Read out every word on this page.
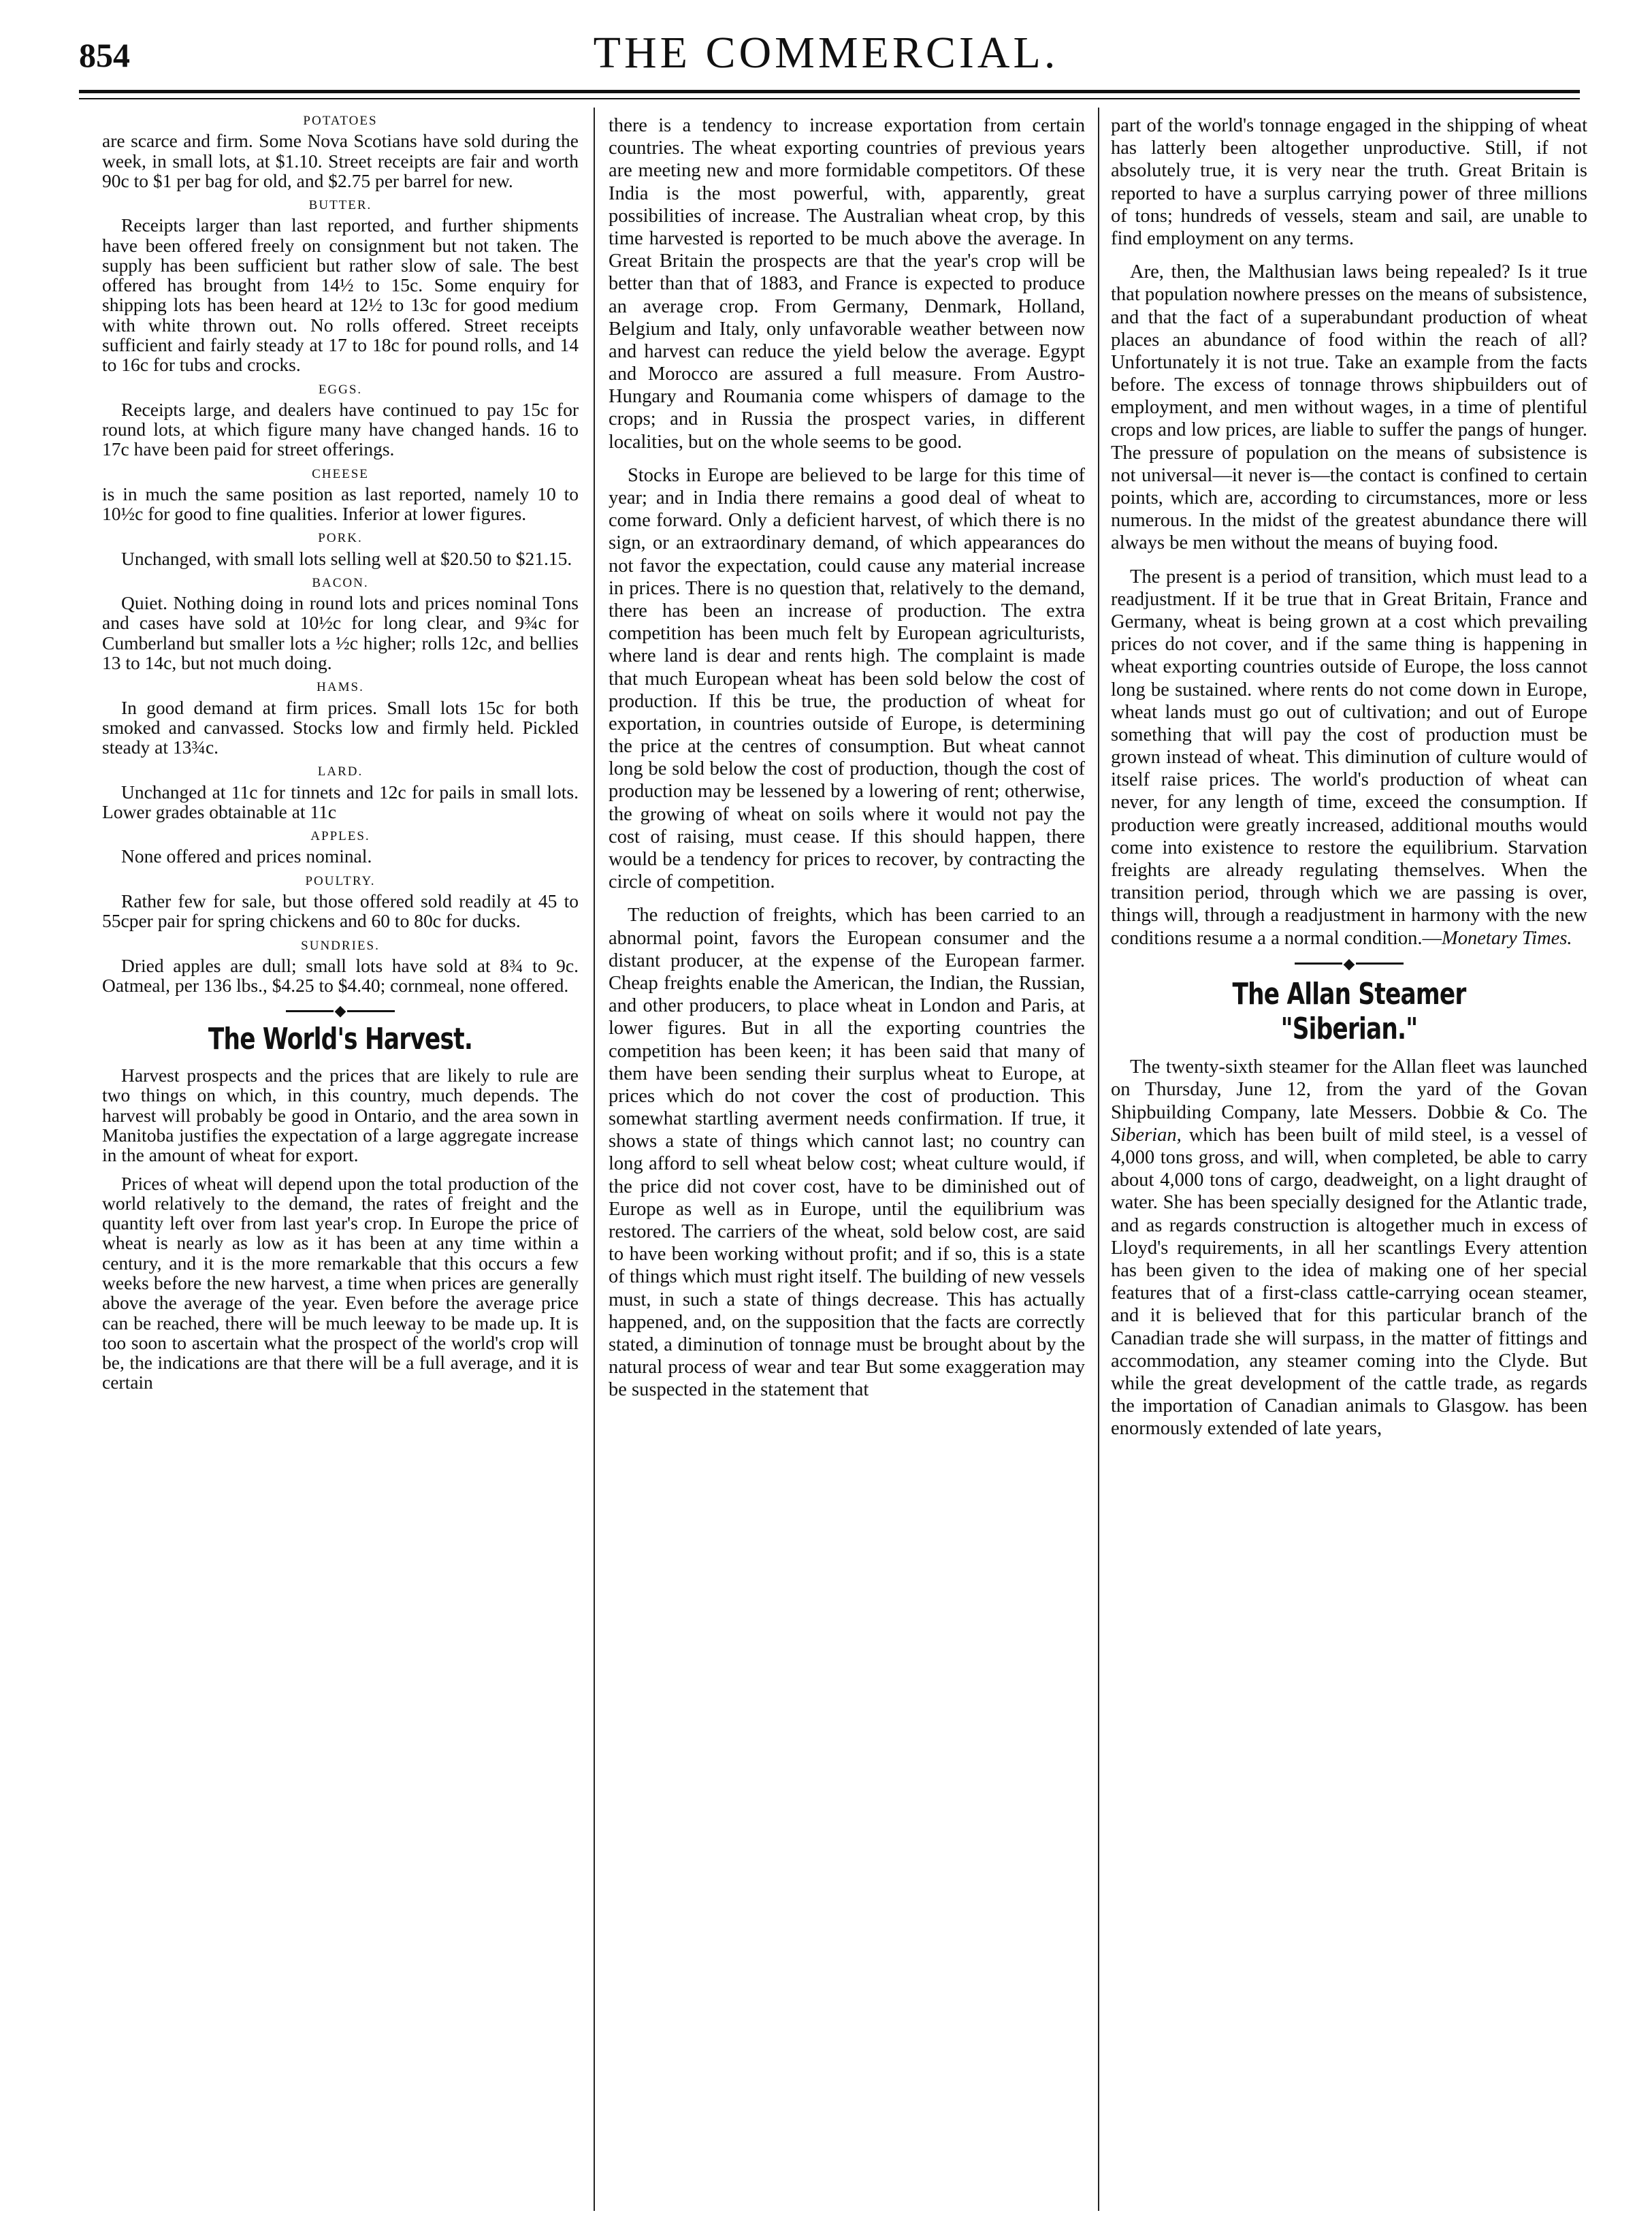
854	THE COMMERCIAL.
POTATOES

are scarce and firm. Some Nova Scotians have sold during the week, in small lots, at $1.10. Street receipts are fair and worth 90c to $1 per bag for old, and $2.75 per barrel for new.

BUTTER.

Receipts larger than last reported, and further shipments have been offered freely on consignment but not taken. The supply has been sufficient but rather slow of sale. The best offered has brought from 14½ to 15c. Some enquiry for shipping lots has been heard at 12½ to 13c for good medium with white thrown out. No rolls offered. Street receipts sufficient and fairly steady at 17 to 18c for pound rolls, and 14 to 16c for tubs and crocks.

EGGS.

Receipts large, and dealers have continued to pay 15c for round lots, at which figure many have changed hands. 16 to 17c have been paid for street offerings.

CHEESE

is in much the same position as last reported, namely 10 to 10½c for good to fine qualities. Inferior at lower figures.

PORK.

Unchanged, with small lots selling well at $20.50 to $21.15.

BACON.

Quiet. Nothing doing in round lots and prices nominal Tons and cases have sold at 10½c for long clear, and 9¾c for Cumberland but smaller lots a ½c higher; rolls 12c, and bellies 13 to 14c, but not much doing.

HAMS.

In good demand at firm prices. Small lots 15c for both smoked and canvassed. Stocks low and firmly held. Pickled steady at 13¾c.

LARD.

Unchanged at 11c for tinnets and 12c for pails in small lots. Lower grades obtainable at 11c

APPLES.

None offered and prices nominal.

POULTRY.

Rather few for sale, but those offered sold readily at 45 to 55cper pair for spring chickens and 60 to 80c for ducks.

SUNDRIES.

Dried apples are dull; small lots have sold at 8¾ to 9c. Oatmeal, per 136 lbs., $4.25 to $4.40; cornmeal, none offered.

◆
The World's Harvest.

Harvest prospects and the prices that are likely to rule are two things on which, in this country, much depends. The harvest will probably be good in Ontario, and the area sown in Manitoba justifies the expectation of a large aggregate increase in the amount of wheat for export.

Prices of wheat will depend upon the total production of the world relatively to the demand, the rates of freight and the quantity left over from last year's crop. In Europe the price of wheat is nearly as low as it has been at any time within a century, and it is the more remarkable that this occurs a few weeks before the new harvest, a time when prices are generally above the average of the year. Even before the average price can be reached, there will be much leeway to be made up. It is too soon to ascertain what the prospect of the world's crop will be, the indications are that there will be a full average, and it is certain

there is a tendency to increase exportation from certain countries. The wheat exporting countries of previous years are meeting new and more formidable competitors. Of these India is the most powerful, with, apparently, great possibilities of increase. The Australian wheat crop, by this time harvested is reported to be much above the average. In Great Britain the prospects are that the year's crop will be better than that of 1883, and France is expected to produce an average crop. From Germany, Denmark, Holland, Belgium and Italy, only unfavorable weather between now and harvest can reduce the yield below the average. Egypt and Morocco are assured a full measure. From Austro-Hungary and Roumania come whispers of damage to the crops; and in Russia the prospect varies, in different localities, but on the whole seems to be good.

Stocks in Europe are believed to be large for this time of year; and in India there remains a good deal of wheat to come forward. Only a deficient harvest, of which there is no sign, or an extraordinary demand, of which appearances do not favor the expectation, could cause any material increase in prices. There is no question that, relatively to the demand, there has been an increase of production. The extra competition has been much felt by European agriculturists, where land is dear and rents high. The complaint is made that much European wheat has been sold below the cost of production. If this be true, the production of wheat for exportation, in countries outside of Europe, is determining the price at the centres of consumption. But wheat cannot long be sold below the cost of production, though the cost of production may be lessened by a lowering of rent; otherwise, the growing of wheat on soils where it would not pay the cost of raising, must cease. If this should happen, there would be a tendency for prices to recover, by contracting the circle of competition.

The reduction of freights, which has been carried to an abnormal point, favors the European consumer and the distant producer, at the expense of the European farmer. Cheap freights enable the American, the Indian, the Russian, and other producers, to place wheat in London and Paris, at lower figures. But in all the exporting countries the competition has been keen; it has been said that many of them have been sending their surplus wheat to Europe, at prices which do not cover the cost of production. This somewhat startling averment needs confirmation. If true, it shows a state of things which cannot last; no country can long afford to sell wheat below cost; wheat culture would, if the price did not cover cost, have to be diminished out of Europe as well as in Europe, until the equilibrium was restored. The carriers of the wheat, sold below cost, are said to have been working without profit; and if so, this is a state of things which must right itself. The building of new vessels must, in such a state of things decrease. This has actually happened, and, on the supposition that the facts are correctly stated, a diminution of tonnage must be brought about by the natural process of wear and tear But some exaggeration may be suspected in the statement that

part of the world's tonnage engaged in the shipping of wheat has latterly been altogether unproductive. Still, if not absolutely true, it is very near the truth. Great Britain is reported to have a surplus carrying power of three millions of tons; hundreds of vessels, steam and sail, are unable to find employment on any terms.

Are, then, the Malthusian laws being repealed? Is it true that population nowhere presses on the means of subsistence, and that the fact of a superabundant production of wheat places an abundance of food within the reach of all? Unfortunately it is not true. Take an example from the facts before. The excess of tonnage throws shipbuilders out of employment, and men without wages, in a time of plentiful crops and low prices, are liable to suffer the pangs of hunger. The pressure of population on the means of subsistence is not universal—it never is—the contact is confined to certain points, which are, according to circumstances, more or less numerous. In the midst of the greatest abundance there will always be men without the means of buying food.

The present is a period of transition, which must lead to a readjustment. If it be true that in Great Britain, France and Germany, wheat is being grown at a cost which prevailing prices do not cover, and if the same thing is happening in wheat exporting countries outside of Europe, the loss cannot long be sustained. where rents do not come down in Europe, wheat lands must go out of cultivation; and out of Europe something that will pay the cost of production must be grown instead of wheat. This diminution of culture would of itself raise prices. The world's production of wheat can never, for any length of time, exceed the consumption. If production were greatly increased, additional mouths would come into existence to restore the equilibrium. Starvation freights are already regulating themselves. When the transition period, through which we are passing is over, things will, through a readjustment in harmony with the new conditions resume a a normal condition.—Monetary Times.

◆
The Allan Steamer "Siberian."

The twenty-sixth steamer for the Allan fleet was launched on Thursday, June 12, from the yard of the Govan Shipbuilding Company, late Messers. Dobbie & Co. The Siberian, which has been built of mild steel, is a vessel of 4,000 tons gross, and will, when completed, be able to carry about 4,000 tons of cargo, deadweight, on a light draught of water. She has been specially designed for the Atlantic trade, and as regards construction is altogether much in excess of Lloyd's requirements, in all her scantlings Every attention has been given to the idea of making one of her special features that of a first-class cattle-carrying ocean steamer, and it is believed that for this particular branch of the Canadian trade she will surpass, in the matter of fittings and accommodation, any steamer coming into the Clyde. But while the great development of the cattle trade, as regards the importation of Canadian animals to Glasgow. has been enormously extended of late years,
